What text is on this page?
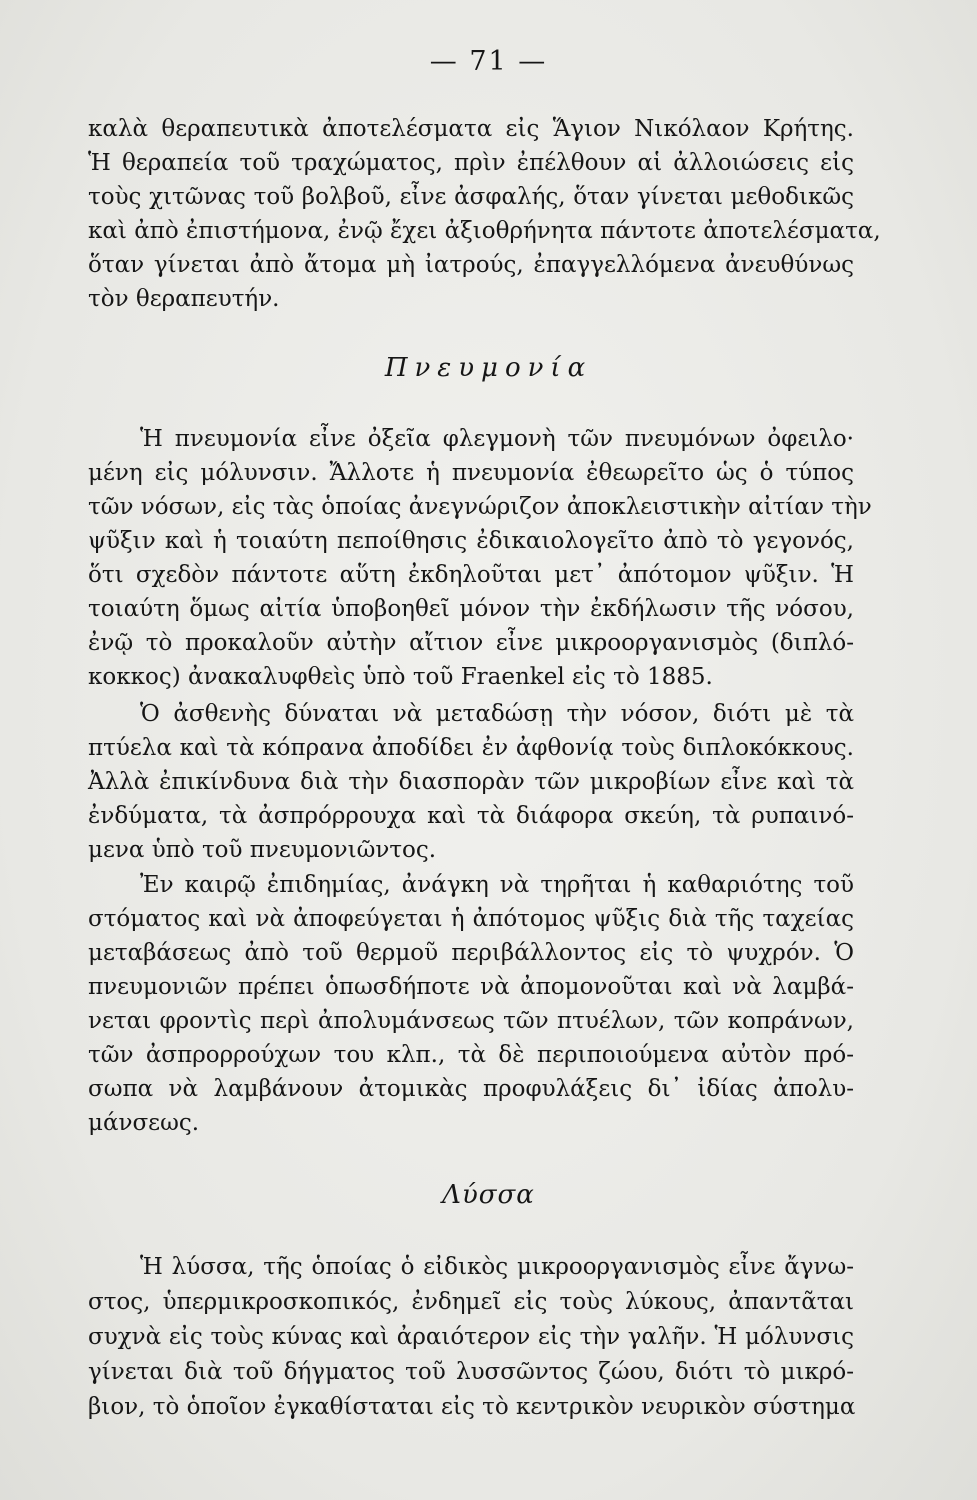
— 71 —
καλὰ θεραπευτικὰ ἀποτελέσματα εἰς Ἅγιον Νικόλαον Κρήτης.
Ἡ θεραπεία τοῦ τραχώματος, πρὶν ἐπέλθουν αἱ ἀλλοιώσεις εἰς
τοὺς χιτῶνας τοῦ βολβοῦ, εἶνε ἀσφαλής, ὅταν γίνεται μεθοδικῶς
καὶ ἀπὸ ἐπιστήμονα, ἐνῷ ἔχει ἀξιοθρήνητα πάντοτε ἀποτελέσματα,
ὅταν γίνεται ἀπὸ ἄτομα μὴ ἰατρούς, ἐπαγγελλόμενα ἀνευθύνως
τὸν θεραπευτήν.
Πνευμονία
Ἡ πνευμονία εἶνε ὀξεῖα φλεγμονὴ τῶν πνευμόνων ὀφειλο·
μένη εἰς μόλυνσιν. Ἄλλοτε ἡ πνευμονία ἐθεωρεῖτο ὡς ὁ τύπος
τῶν νόσων, εἰς τὰς ὁποίας ἀνεγνώριζον ἀποκλειστικὴν αἰτίαν τὴν
ψῦξιν καὶ ἡ τοιαύτη πεποίθησις ἐδικαιολογεῖτο ἀπὸ τὸ γεγονός,
ὅτι σχεδὸν πάντοτε αὕτη ἐκδηλοῦται μετ᾽ ἀπότομον ψῦξιν. Ἡ
τοιαύτη ὅμως αἰτία ὑποβοηθεῖ μόνον τὴν ἐκδήλωσιν τῆς νόσου,
ἐνῷ τὸ προκαλοῦν αὐτὴν αἴτιον εἶνε μικροοργανισμὸς (διπλό-
κοκκος) ἀνακαλυφθεὶς ὑπὸ τοῦ Fraenkel εἰς τὸ 1885.
Ὁ ἀσθενὴς δύναται νὰ μεταδώσῃ τὴν νόσον, διότι μὲ τὰ
πτύελα καὶ τὰ κόπρανα ἀποδίδει ἐν ἀφθονίᾳ τοὺς διπλοκόκκους.
Ἀλλὰ ἐπικίνδυνα διὰ τὴν διασπορὰν τῶν μικροβίων εἶνε καὶ τὰ
ἐνδύματα, τὰ ἀσπρόρρουχα καὶ τὰ διάφορα σκεύη, τὰ ρυπαινό-
μενα ὑπὸ τοῦ πνευμονιῶντος.
Ἐν καιρῷ ἐπιδημίας, ἀνάγκη νὰ τηρῆται ἡ καθαριότης τοῦ
στόματος καὶ νὰ ἀποφεύγεται ἡ ἀπότομος ψῦξις διὰ τῆς ταχείας
μεταβάσεως ἀπὸ τοῦ θερμοῦ περιβάλλοντος εἰς τὸ ψυχρόν. Ὁ
πνευμονιῶν πρέπει ὁπωσδήποτε νὰ ἀπομονοῦται καὶ νὰ λαμβά-
νεται φροντὶς περὶ ἀπολυμάνσεως τῶν πτυέλων, τῶν κοπράνων,
τῶν ἀσπρορρούχων του κλπ., τὰ δὲ περιποιούμενα αὐτὸν πρό-
σωπα νὰ λαμβάνουν ἀτομικὰς προφυλάξεις δι᾽ ἰδίας ἀπολυ-
μάνσεως.
Λύσσα
Ἡ λύσσα, τῆς ὁποίας ὁ εἰδικὸς μικροοργανισμὸς εἶνε ἄγνω-
στος, ὑπερμικροσκοπικός, ἐνδημεῖ εἰς τοὺς λύκους, ἀπαντᾶται
συχνὰ εἰς τοὺς κύνας καὶ ἀραιότερον εἰς τὴν γαλῆν. Ἡ μόλυνσις
γίνεται διὰ τοῦ δήγματος τοῦ λυσσῶντος ζώου, διότι τὸ μικρό-
βιον, τὸ ὁποῖον ἐγκαθίσταται εἰς τὸ κεντρικὸν νευρικὸν σύστημα
